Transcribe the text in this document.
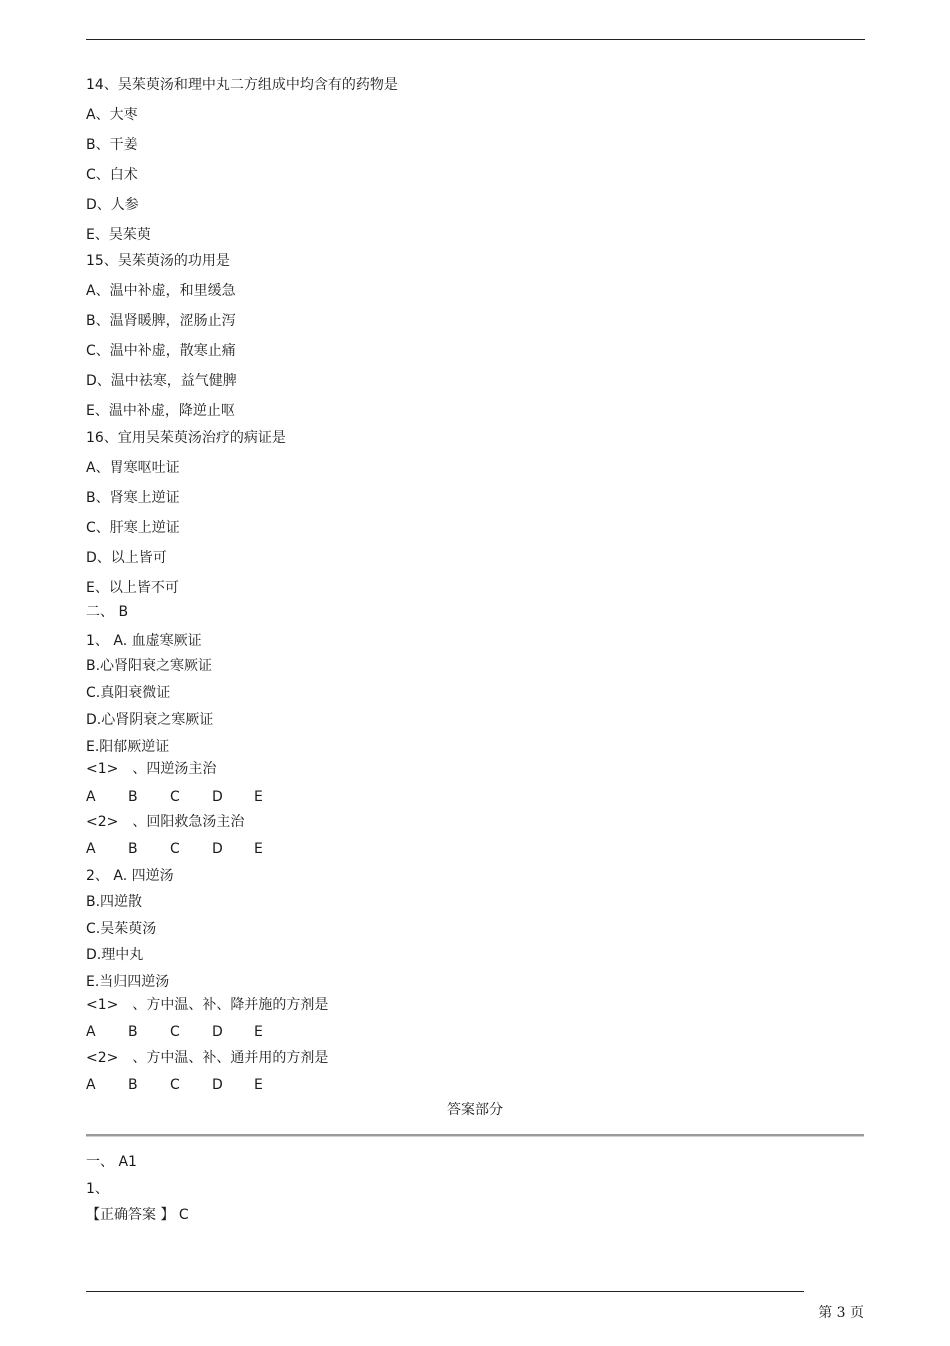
14、吴茱萸汤和理中丸二方组成中均含有的药物是
A、大枣
B、干姜
C、白术
D、人参
E、吴茱萸
15、吴茱萸汤的功用是
A、温中补虚，和里缓急
B、温肾暖脾，涩肠止泻
C、温中补虚，散寒止痛
D、温中祛寒，益气健脾
E、温中补虚，降逆止呕
16、宜用吴茱萸汤治疗的病证是
A、胃寒呕吐证
B、肾寒上逆证
C、肝寒上逆证
D、以上皆可
E、以上皆不可
二、 B
1、 A. 血虚寒厥证
B.心肾阳衰之寒厥证
C.真阳衰微证
D.心肾阴衰之寒厥证
E.阳郁厥逆证
<1>　、四逆汤主治
A B C D E
<2>　、回阳救急汤主治
A B C D E
2、 A. 四逆汤
B.四逆散
C.吴茱萸汤
D.理中丸
E.当归四逆汤
<1>　、方中温、补、降并施的方剂是
A B C D E
<2>　、方中温、补、通并用的方剂是
A B C D E
答案部分
一、 A1
1、
【正确答案 】 C
第 3 页
